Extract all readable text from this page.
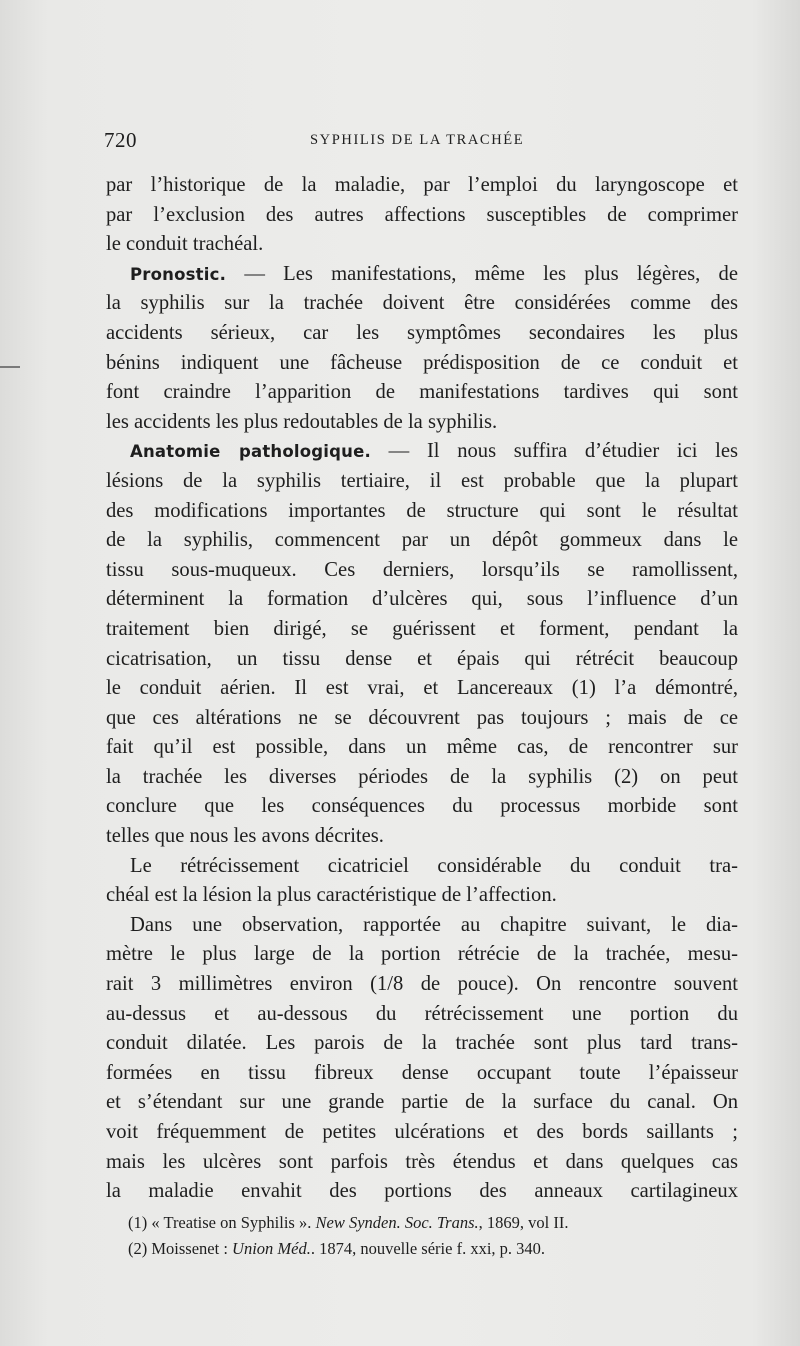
720	SYPHILIS DE LA TRACHÉE
par l’historique de la maladie, par l’emploi du laryngoscope et
par l’exclusion des autres affections susceptibles de comprimer
le conduit trachéal.
Pronostic. — Les manifestations, même les plus légères, de
la syphilis sur la trachée doivent être considérées comme des
accidents sérieux, car les symptômes secondaires les plus
bénins indiquent une fâcheuse prédisposition de ce conduit et
font craindre l’apparition de manifestations tardives qui sont
les accidents les plus redoutables de la syphilis.
Anatomie pathologique. — Il nous suffira d’étudier ici les
lésions de la syphilis tertiaire, il est probable que la plupart
des modifications importantes de structure qui sont le résultat
de la syphilis, commencent par un dépôt gommeux dans le
tissu sous-muqueux. Ces derniers, lorsqu’ils se ramollissent,
déterminent la formation d’ulcères qui, sous l’influence d’un
traitement bien dirigé, se guérissent et forment, pendant la
cicatrisation, un tissu dense et épais qui rétrécit beaucoup
le conduit aérien. Il est vrai, et Lancereaux (1) l’a démontré,
que ces altérations ne se découvrent pas toujours ; mais de ce
fait qu’il est possible, dans un même cas, de rencontrer sur
la trachée les diverses périodes de la syphilis (2) on peut
conclure que les conséquences du processus morbide sont
telles que nous les avons décrites.
Le rétrécissement cicatriciel considérable du conduit tra-
chéal est la lésion la plus caractéristique de l’affection.
Dans une observation, rapportée au chapitre suivant, le dia-
mètre le plus large de la portion rétrécie de la trachée, mesu-
rait 3 millimètres environ (1/8 de pouce). On rencontre souvent
au-dessus et au-dessous du rétrécissement une portion du
conduit dilatée. Les parois de la trachée sont plus tard trans-
formées en tissu fibreux dense occupant toute l’épaisseur
et s’étendant sur une grande partie de la surface du canal. On
voit fréquemment de petites ulcérations et des bords saillants ;
mais les ulcères sont parfois très étendus et dans quelques cas
la maladie envahit des portions des anneaux cartilagineux
(1) « Treatise on Syphilis ». New Synden. Soc. Trans., 1869, vol II.
(2) Moissenet : Union Méd.. 1874, nouvelle série f. xxi, p. 340.
